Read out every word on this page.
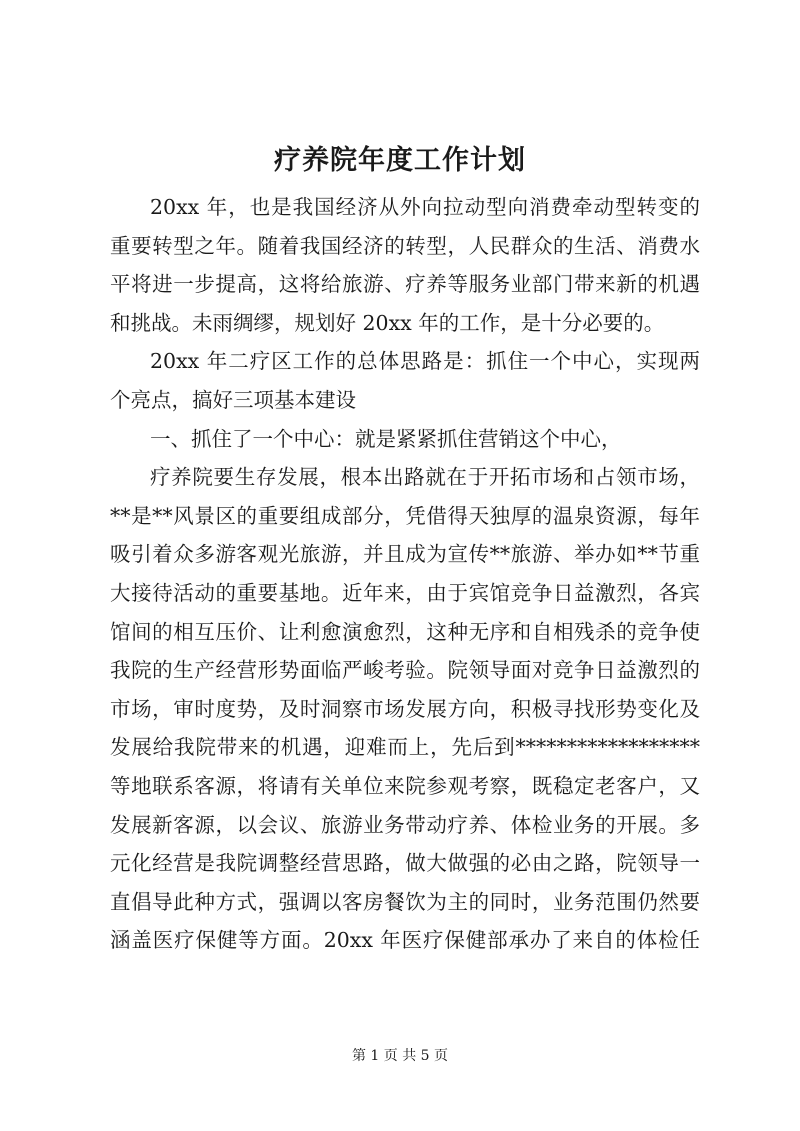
疗养院年度工作计划
20xx 年，也是我国经济从外向拉动型向消费牵动型转变的
重要转型之年。随着我国经济的转型，人民群众的生活、消费水
平将进一步提高，这将给旅游、疗养等服务业部门带来新的机遇
和挑战。未雨绸缪，规划好 20xx 年的工作，是十分必要的。
20xx 年二疗区工作的总体思路是：抓住一个中心，实现两
个亮点，搞好三项基本建设
一、抓住了一个中心：就是紧紧抓住营销这个中心，
疗养院要生存发展，根本出路就在于开拓市场和占领市场，
**是**风景区的重要组成部分，凭借得天独厚的温泉资源，每年
吸引着众多游客观光旅游，并且成为宣传**旅游、举办如**节重
大接待活动的重要基地。近年来，由于宾馆竞争日益激烈，各宾
馆间的相互压价、让利愈演愈烈，这种无序和自相残杀的竞争使
我院的生产经营形势面临严峻考验。院领导面对竞争日益激烈的
市场，审时度势，及时洞察市场发展方向，积极寻找形势变化及
发展给我院带来的机遇，迎难而上，先后到******************
等地联系客源，将请有关单位来院参观考察，既稳定老客户，又
发展新客源，以会议、旅游业务带动疗养、体检业务的开展。多
元化经营是我院调整经营思路，做大做强的必由之路，院领导一
直倡导此种方式，强调以客房餐饮为主的同时，业务范围仍然要
涵盖医疗保健等方面。20xx 年医疗保健部承办了来自的体检任
第 1 页 共 5 页
